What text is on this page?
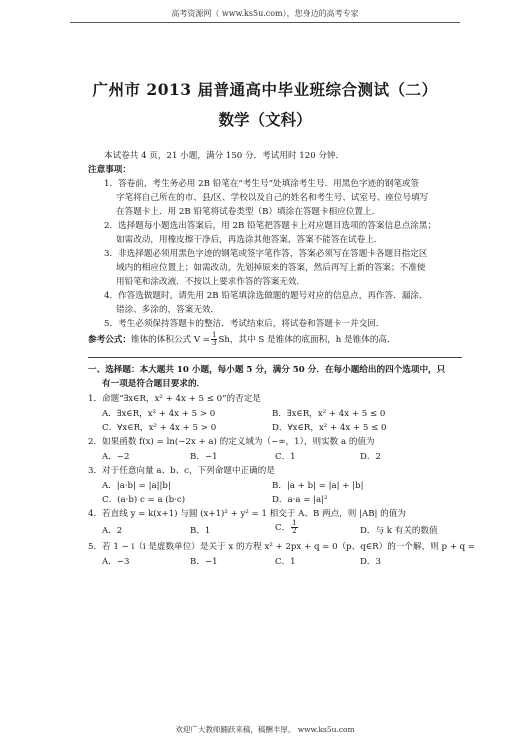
高考资源网（ www.ks5u.com），您身边的高考专家
广州市 2013 届普通高中毕业班综合测试（二）
数学（文科）
本试卷共 4 页，21 小题，满分 150 分．考试用时 120 分钟．
注意事项：
1．答卷前，考生务必用 2B 铅笔在“考生号”处填涂考生号．用黑色字迹的钢笔或签
字笔将自己所在的市、县/区、学校以及自己的姓名和考生号、试室号、座位号填写
在答题卡上．用 2B 铅笔将试卷类型（B）填涂在答题卡相应位置上．
2．选择题每小题选出答案后，用 2B 铅笔把答题卡上对应题目选项的答案信息点涂黑；
如需改动，用橡皮擦干净后，再选涂其他答案，答案不能答在试卷上．
3．非选择题必须用黑色字迹的钢笔或签字笔作答，答案必须写在答题卡各题目指定区
域内的相应位置上；如需改动，先划掉原来的答案，然后再写上新的答案；不准使
用铅笔和涂改液．不按以上要求作答的答案无效．
4．作答选做题时，请先用 2B 铅笔填涂选做题的题号对应的信息点，再作答．漏涂、
错涂、多涂的，答案无效．
5．考生必须保持答题卡的整洁．考试结束后，将试卷和答题卡一并交回．
参考公式：锥体的体积公式 $V = \frac{1}{3}$ Sh，其中 S 是锥体的底面积，h 是锥体的高．
一、选择题：本大题共 10 小题，每小题 5 分，满分 50 分．在每小题给出的四个选项中，只
有一项是符合题目要求的．
1．命题“∃x∈R，x² + 4x + 5 ≤ 0”的否定是
A．∃x∈R，x² + 4x + 5 > 0	B．∃x∈R，x² + 4x + 5 ≤ 0
C．∀x∈R，x² + 4x + 5 > 0	D．∀x∈R，x² + 4x + 5 ≤ 0
2．如果函数 f(x) = ln(−2x + a) 的定义域为（−∞，1），则实数 a 的值为
A．−2	B．−1	C．1	D．2
3．对于任意向量 a、b、c，下列命题中正确的是
A．|a·b| = |a||b|	B．|a + b| = |a| + |b|
C．(a·b) c = a (b·c)	D．a·a = |a|²
4．若直线 y = k(x+1) 与圆 (x+1)² + y² = 1 相交于 A、B 两点，则 |AB| 的值为
A．2	B．1	C． $\frac{1}{2}$	D．与 k 有关的数值
5．若 1 − i（i 是虚数单位）是关于 x 的方程 x² + 2px + q = 0（p、q∈R）的一个解，则 p + q =
A．−3	B．−1	C．1	D．3
欢迎广大教师踊跃来稿，稿酬丰厚。 www.ks5u.com
